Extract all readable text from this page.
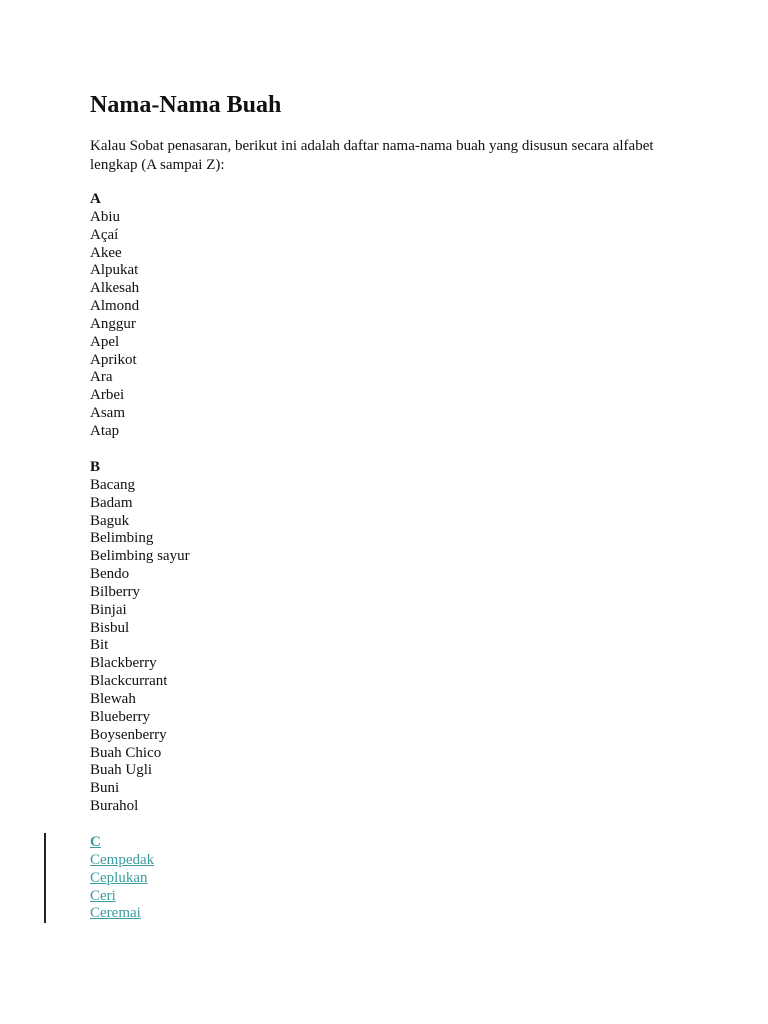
Nama-Nama Buah

Kalau Sobat penasaran, berikut ini adalah daftar nama-nama buah yang disusun secara alfabet lengkap (A sampai Z):

A
Abiu
Açaí
Akee
Alpukat
Alkesah
Almond
Anggur
Apel
Aprikot
Ara
Arbei
Asam
Atap
B
Bacang
Badam
Baguk
Belimbing
Belimbing sayur
Bendo
Bilberry
Binjai
Bisbul
Bit
Blackberry
Blackcurrant
Blewah
Blueberry
Boysenberry
Buah Chico
Buah Ugli
Buni
Burahol
C
Cempedak
Ceplukan
Ceri
Ceremai
